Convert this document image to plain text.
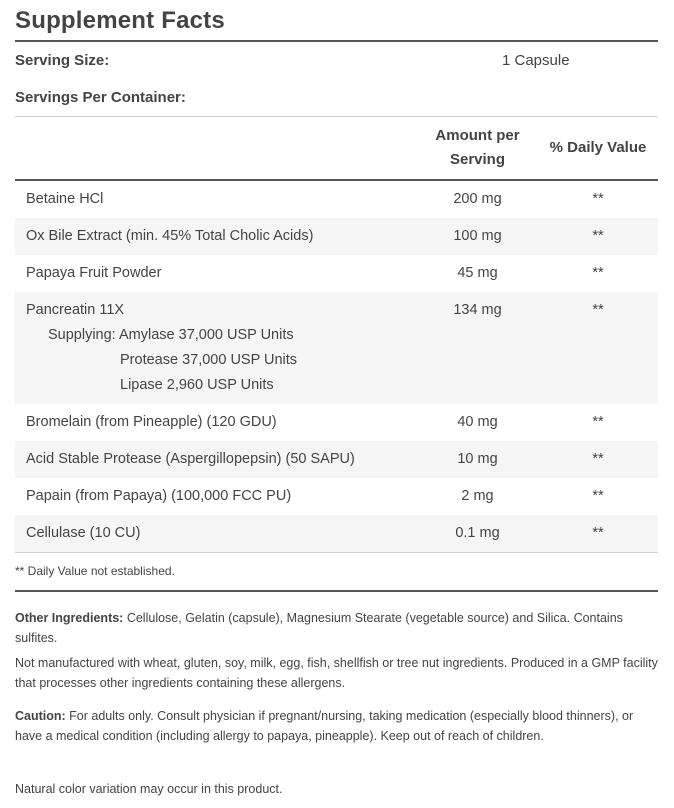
Supplement Facts
Serving Size:	1 Capsule
Servings Per Container:
Amount per
Serving
% Daily Value
Betaine HCl	200 mg	**
Ox Bile Extract (min. 45% Total Cholic Acids)	100 mg	**
Papaya Fruit Powder	45 mg	**
Pancreatin 11X	134 mg	**
Supplying: Amylase 37,000 USP Units
Protease 37,000 USP Units
Lipase 2,960 USP Units
Bromelain (from Pineapple) (120 GDU)	40 mg	**
Acid Stable Protease (Aspergillopepsin) (50 SAPU)	10 mg	**
Papain (from Papaya) (100,000 FCC PU)	2 mg	**
Cellulase (10 CU)	0.1 mg	**
** Daily Value not established.
Other Ingredients: Cellulose, Gelatin (capsule), Magnesium Stearate (vegetable source) and Silica. Contains sulfites.
Not manufactured with wheat, gluten, soy, milk, egg, fish, shellfish or tree nut ingredients. Produced in a GMP facility that processes other ingredients containing these allergens.
Caution: For adults only. Consult physician if pregnant/nursing, taking medication (especially blood thinners), or have a medical condition (including allergy to papaya, pineapple). Keep out of reach of children.
Natural color variation may occur in this product.
